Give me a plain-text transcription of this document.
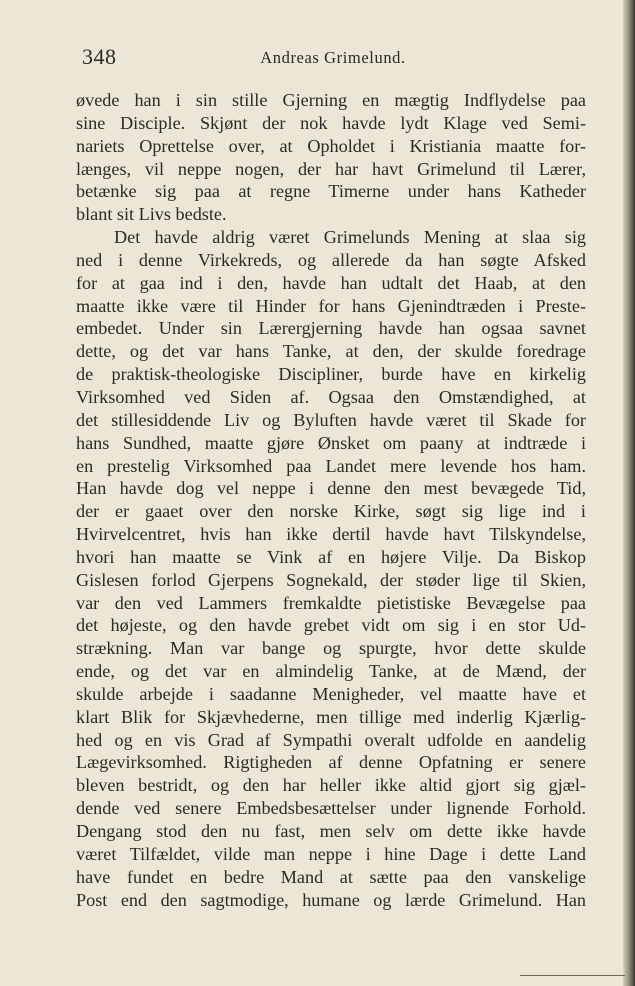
348	Andreas Grimelund.
øvede han i sin stille Gjerning en mægtig Indflydelse paa
sine Disciple. Skjønt der nok havde lydt Klage ved Semi-
nariets Oprettelse over, at Opholdet i Kristiania maatte for-
længes, vil neppe nogen, der har havt Grimelund til Lærer,
betænke sig paa at regne Timerne under hans Katheder
blant sit Livs bedste.
Det havde aldrig været Grimelunds Mening at slaa sig
ned i denne Virkekreds, og allerede da han søgte Afsked
for at gaa ind i den, havde han udtalt det Haab, at den
maatte ikke være til Hinder for hans Gjenindtræden i Preste-
embedet. Under sin Lærergjerning havde han ogsaa savnet
dette, og det var hans Tanke, at den, der skulde foredrage
de praktisk-theologiske Discipliner, burde have en kirkelig
Virksomhed ved Siden af. Ogsaa den Omstændighed, at
det stillesiddende Liv og Byluften havde været til Skade for
hans Sundhed, maatte gjøre Ønsket om paany at indtræde i
en prestelig Virksomhed paa Landet mere levende hos ham.
Han havde dog vel neppe i denne den mest bevægede Tid,
der er gaaet over den norske Kirke, søgt sig lige ind i
Hvirvelcentret, hvis han ikke dertil havde havt Tilskyndelse,
hvori han maatte se Vink af en højere Vilje. Da Biskop
Gislesen forlod Gjerpens Sognekald, der støder lige til Skien,
var den ved Lammers fremkaldte pietistiske Bevægelse paa
det højeste, og den havde grebet vidt om sig i en stor Ud-
strækning. Man var bange og spurgte, hvor dette skulde
ende, og det var en almindelig Tanke, at de Mænd, der
skulde arbejde i saadanne Menigheder, vel maatte have et
klart Blik for Skjævhederne, men tillige med inderlig Kjærlig-
hed og en vis Grad af Sympathi overalt udfolde en aandelig
Lægevirksomhed. Rigtigheden af denne Opfatning er senere
bleven bestridt, og den har heller ikke altid gjort sig gjæl-
dende ved senere Embedsbesættelser under lignende Forhold.
Dengang stod den nu fast, men selv om dette ikke havde
været Tilfældet, vilde man neppe i hine Dage i dette Land
have fundet en bedre Mand at sætte paa den vanskelige
Post end den sagtmodige, humane og lærde Grimelund. Han
